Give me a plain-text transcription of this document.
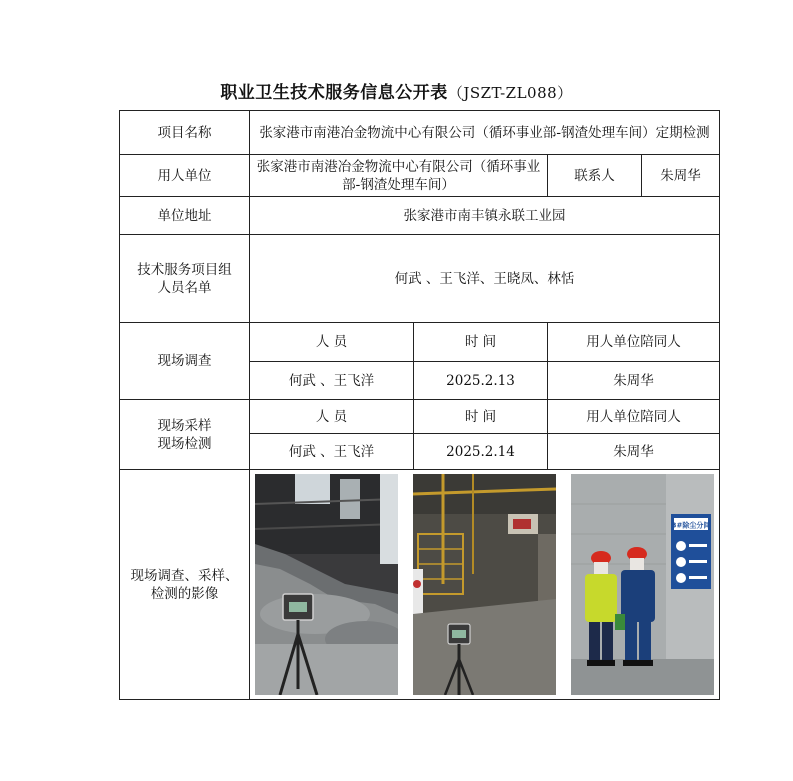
职业卫生技术服务信息公开表（JSZT-ZL088）
项目名称	张家港市南港冶金物流中心有限公司（循环事业部-钢渣处理车间）定期检测			
用人单位	张家港市南港冶金物流中心有限公司（循环事业部-钢渣处理车间）		联系人	朱周华
单位地址	张家港市南丰镇永联工业园			
技术服务项目组人员名单	何武 、王飞洋、王晓凤、林恬			
现场调查	人 员	时 间	用人单位陪同人	
	何武 、王飞洋	2025.2.13	朱周华	

现场采样
现场检测	人 员	时 间	用人单位陪同人	
	何武 、王飞洋	2025.2.14	朱周华	
现场调查、采样、检测的影像	3#除尘分间			
